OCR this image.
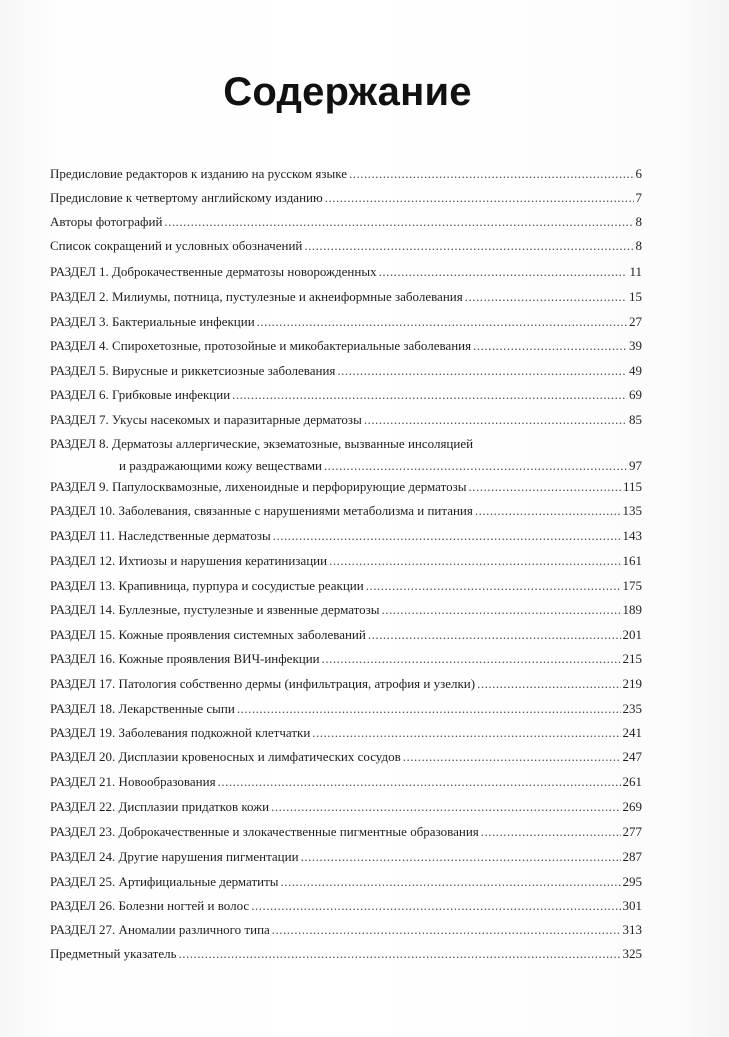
Содержание
Предисловие редакторов к изданию на русском языке .....	6
Предисловие к четвертому английскому изданию .....	7
Авторы фотографий .....	8
Список сокращений и условных обозначений .....	8
РАЗДЕЛ 1. Доброкачественные дерматозы новорожденных .....	11
РАЗДЕЛ 2. Милиумы, потница, пустулезные и акнеиформные заболевания .....	15
РАЗДЕЛ 3. Бактериальные инфекции .....	27
РАЗДЕЛ 4. Спирохетозные, протозойные и микобактериальные заболевания .....	39
РАЗДЕЛ 5. Вирусные и риккетсиозные заболевания .....	49
РАЗДЕЛ 6. Грибковые инфекции .....	69
РАЗДЕЛ 7. Укусы насекомых и паразитарные дерматозы .....	85
РАЗДЕЛ 8. Дерматозы аллергические, экзематозные, вызванные инсоляцией
и раздражающими кожу веществами .....	97
РАЗДЕЛ 9. Папулосквамозные, лихеноидные и перфорирующие дерматозы .....	115
РАЗДЕЛ 10. Заболевания, связанные с нарушениями метаболизма и питания .....	135
РАЗДЕЛ 11. Наследственные дерматозы .....	143
РАЗДЕЛ 12. Ихтиозы и нарушения кератинизации .....	161
РАЗДЕЛ 13. Крапивница, пурпура и сосудистые реакции .....	175
РАЗДЕЛ 14. Буллезные, пустулезные и язвенные дерматозы .....	189
РАЗДЕЛ 15. Кожные проявления системных заболеваний .....	201
РАЗДЕЛ 16. Кожные проявления ВИЧ-инфекции .....	215
РАЗДЕЛ 17. Патология собственно дермы (инфильтрация, атрофия и узелки) .....	219
РАЗДЕЛ 18. Лекарственные сыпи .....	235
РАЗДЕЛ 19. Заболевания подкожной клетчатки .....	241
РАЗДЕЛ 20. Дисплазии кровеносных и лимфатических сосудов .....	247
РАЗДЕЛ 21. Новообразования .....	261
РАЗДЕЛ 22. Дисплазии придатков кожи .....	269
РАЗДЕЛ 23. Доброкачественные и злокачественные пигментные образования .....	277
РАЗДЕЛ 24. Другие нарушения пигментации .....	287
РАЗДЕЛ 25. Артифициальные дерматиты .....	295
РАЗДЕЛ 26. Болезни ногтей и волос .....	301
РАЗДЕЛ 27. Аномалии различного типа .....	313
Предметный указатель .....	325
